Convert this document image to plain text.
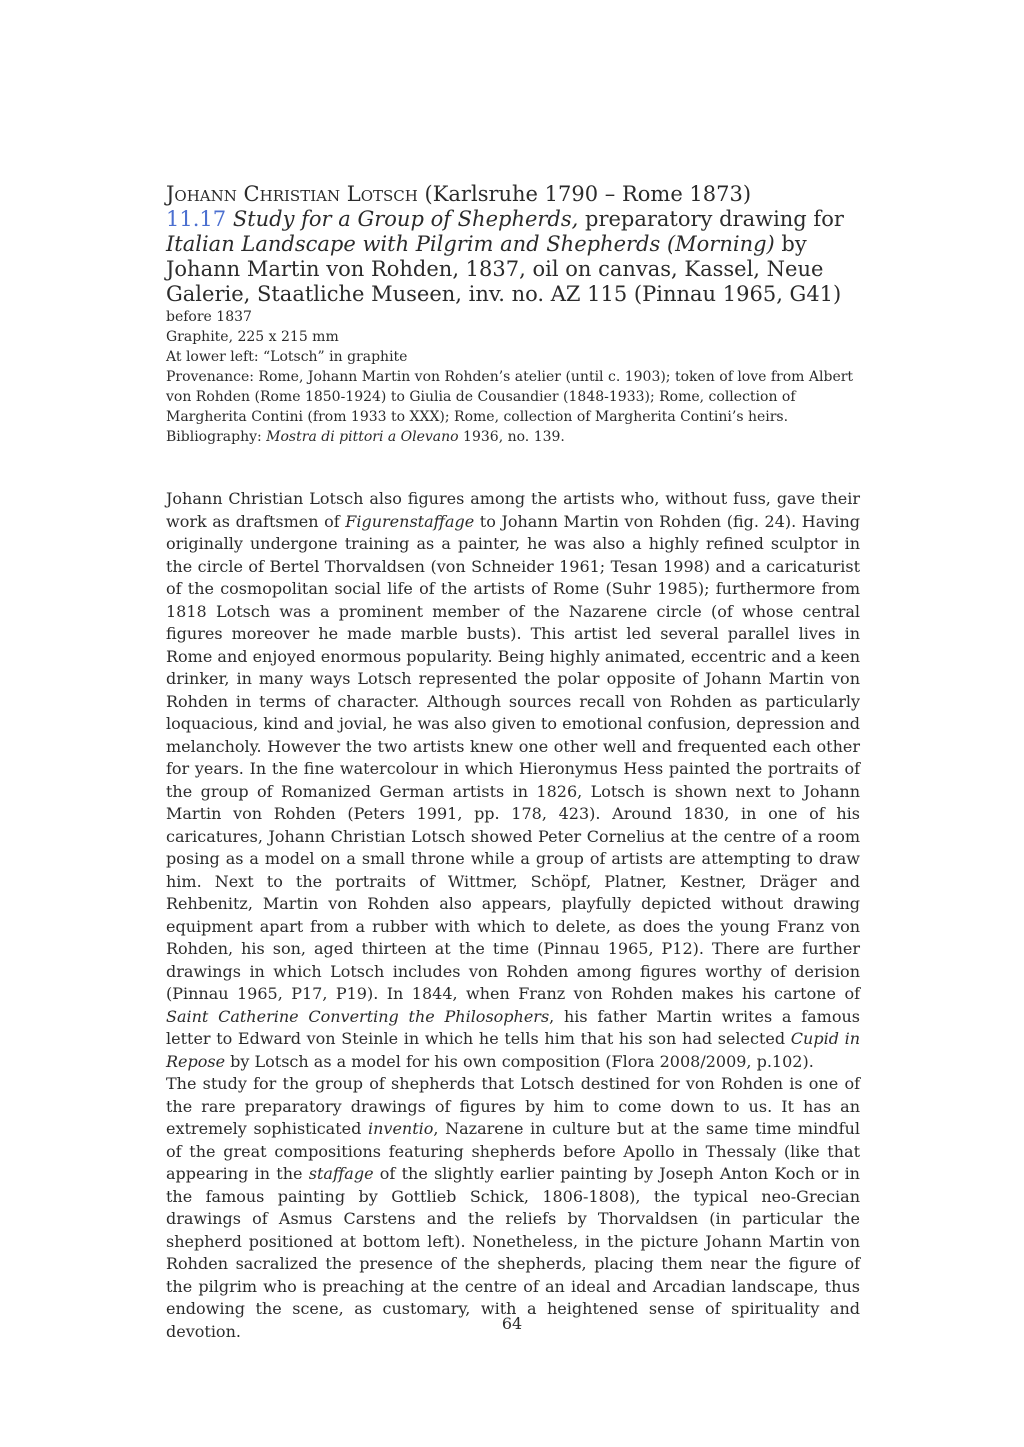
Johann Christian Lotsch (Karlsruhe 1790 – Rome 1873)

11.17 Study for a Group of Shepherds, preparatory drawing for Italian Landscape with Pilgrim and Shepherds (Morning) by Johann Martin von Rohden, 1837, oil on canvas, Kassel, Neue Galerie, Staatliche Museen, inv. no. AZ 115 (Pinnau 1965, G41)

before 1837

Graphite, 225 x 215 mm

At lower left: “Lotsch” in graphite

Provenance: Rome, Johann Martin von Rohden’s atelier (until c. 1903); token of love from Albert von Rohden (Rome 1850-1924) to Giulia de Cousandier (1848-1933); Rome, collection of Margherita Contini (from 1933 to XXX); Rome, collection of Margherita Contini’s heirs.

Bibliography: Mostra di pittori a Olevano 1936, no. 139.

Johann Christian Lotsch also figures among the artists who, without fuss, gave their work as draftsmen of Figurenstaffage to Johann Martin von Rohden (fig. 24). Having originally undergone training as a painter, he was also a highly refined sculptor in the circle of Bertel Thorvaldsen (von Schneider 1961; Tesan 1998) and a caricaturist of the cosmopolitan social life of the artists of Rome (Suhr 1985); furthermore from 1818 Lotsch was a prominent member of the Nazarene circle (of whose central figures moreover he made marble busts). This artist led several parallel lives in Rome and enjoyed enormous popularity. Being highly animated, eccentric and a keen drinker, in many ways Lotsch represented the polar opposite of Johann Martin von Rohden in terms of character. Although sources recall von Rohden as particularly loquacious, kind and jovial, he was also given to emotional confusion, depression and melancholy. However the two artists knew one other well and frequented each other for years. In the fine watercolour in which Hieronymus Hess painted the portraits of the group of Romanized German artists in 1826, Lotsch is shown next to Johann Martin von Rohden (Peters 1991, pp. 178, 423). Around 1830, in one of his caricatures, Johann Christian Lotsch showed Peter Cornelius at the centre of a room posing as a model on a small throne while a group of artists are attempting to draw him. Next to the portraits of Wittmer, Schöpf, Platner, Kestner, Dräger and Rehbenitz, Martin von Rohden also appears, playfully depicted without drawing equipment apart from a rubber with which to delete, as does the young Franz von Rohden, his son, aged thirteen at the time (Pinnau 1965, P12). There are further drawings in which Lotsch includes von Rohden among figures worthy of derision (Pinnau 1965, P17, P19). In 1844, when Franz von Rohden makes his cartone of Saint Catherine Converting the Philosophers, his father Martin writes a famous letter to Edward von Steinle in which he tells him that his son had selected Cupid in Repose by Lotsch as a model for his own composition (Flora 2008/2009, p.102).

The study for the group of shepherds that Lotsch destined for von Rohden is one of the rare preparatory drawings of figures by him to come down to us. It has an extremely sophisticated inventio, Nazarene in culture but at the same time mindful of the great compositions featuring shepherds before Apollo in Thessaly (like that appearing in the staffage of the slightly earlier painting by Joseph Anton Koch or in the famous painting by Gottlieb Schick, 1806-1808), the typical neo-Grecian drawings of Asmus Carstens and the reliefs by Thorvaldsen (in particular the shepherd positioned at bottom left). Nonetheless, in the picture Johann Martin von Rohden sacralized the presence of the shepherds, placing them near the figure of the pilgrim who is preaching at the centre of an ideal and Arcadian landscape, thus endowing the scene, as customary, with a heightened sense of spirituality and devotion.	64
